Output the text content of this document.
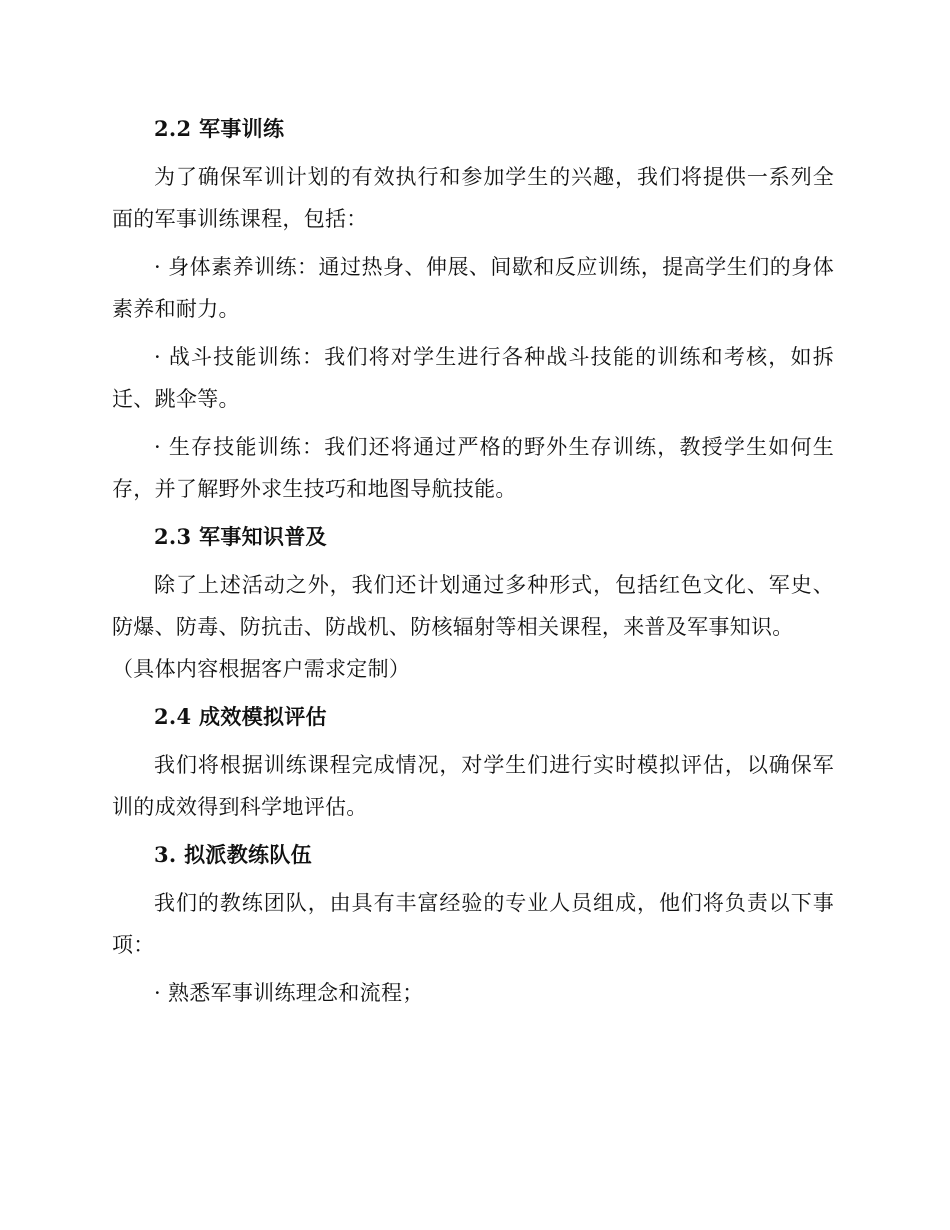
2.2 军事训练

为了确保军训计划的有效执行和参加学生的兴趣，我们将提供一系列全面的军事训练课程，包括：

· 身体素养训练：通过热身、伸展、间歇和反应训练，提高学生们的身体素养和耐力。

· 战斗技能训练：我们将对学生进行各种战斗技能的训练和考核，如拆迁、跳伞等。

· 生存技能训练：我们还将通过严格的野外生存训练，教授学生如何生存，并了解野外求生技巧和地图导航技能。

2.3 军事知识普及

除了上述活动之外，我们还计划通过多种形式，包括红色文化、军史、防爆、防毒、防抗击、防战机、防核辐射等相关课程，来普及军事知识。

（具体内容根据客户需求定制）

2.4 成效模拟评估

我们将根据训练课程完成情况，对学生们进行实时模拟评估，以确保军训的成效得到科学地评估。

3. 拟派教练队伍

我们的教练团队，由具有丰富经验的专业人员组成，他们将负责以下事项：

· 熟悉军事训练理念和流程；
